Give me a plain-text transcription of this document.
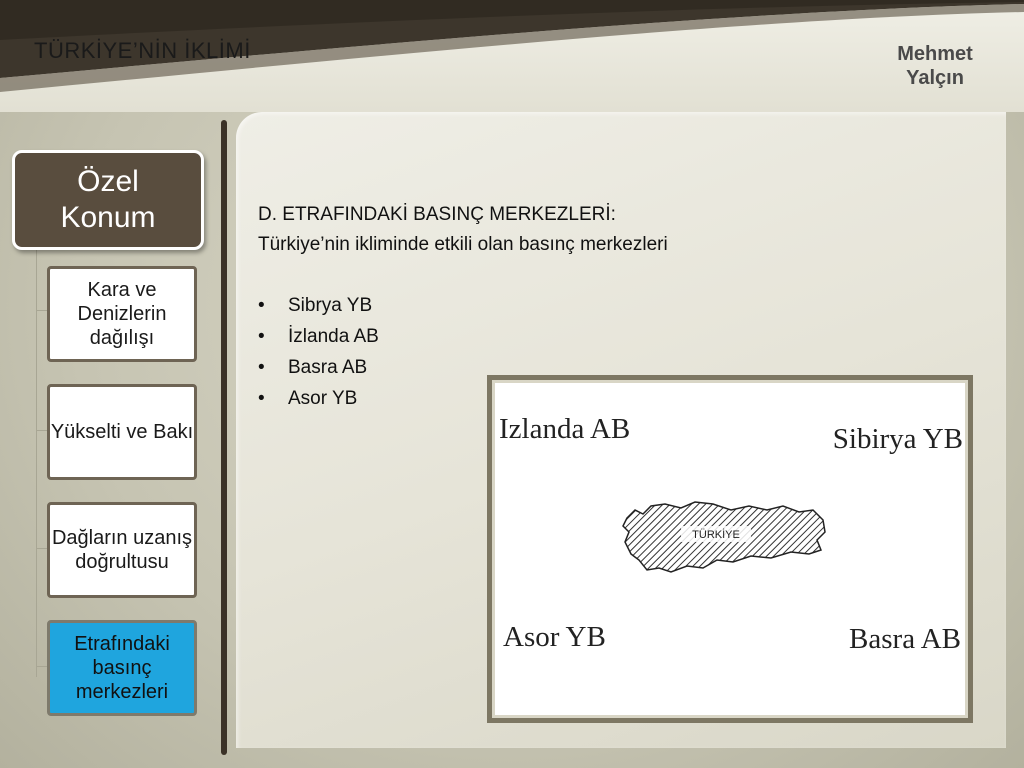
TÜRKİYE’NİN İKLİMİ	Mehmet
Yalçın
Özel
Konum
Kara ve Denizlerin dağılışı
Yükselti ve Bakı
Dağların uzanış doğrultusu
Etrafındaki basınç merkezleri
D. ETRAFINDAKİ BASINÇ MERKEZLERİ:
Türkiye’nin ikliminde etkili olan basınç merkezleri
• Sibrya YB
• İzlanda AB
• Basra AB
• Asor YB
Izlanda AB	Sibirya YB
Asor YB	Basra AB
TÜRKİYE
